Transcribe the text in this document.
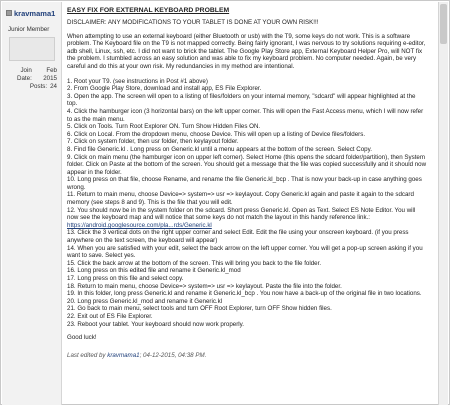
kravmama1
Junior Member
Join Date:
Feb 2015
Posts: 24
EASY FIX FOR EXTERNAL KEYBOARD PROBLEM

DISCLAIMER: ANY MODIFICATIONS TO YOUR TABLET IS DONE AT YOUR OWN RISK!!!

When attempting to use an external keyboard (either Bluetooth or usb) with the T9, some keys do not work. This is a software problem. The Keyboard file on the T9 is not mapped correctly. Being fairly ignorant, I was nervous to try solutions requiring e-editor, adb shell, Linux, ssh, etc. I did not want to brick the tablet. The Google Play Store app, External Keyboard Helper Pro, will NOT fix the problem. I stumbled across an easy solution and was able to fix my keyboard problem. No computer needed. Again, be very careful and do this at your own risk. My redundancies in my method are intentional.

1. Root your T9. (see instructions in Post #1 above)
2. From Google Play Store, download and install app, ES File Explorer.
3. Open the app. The screen will open to a listing of files/folders on your internal memory, "sdcard" will appear highlighted at the top.
4. Click the hamburger icon (3 horizontal bars) on the left upper corner. This will open the Fast Access menu, which I will now refer to as the main menu.
5. Click on Tools. Turn Root Explorer ON. Turn Show Hidden Files ON.
6. Click on Local. From the dropdown menu, choose Device. This will open up a listing of Device files/folders.
7. Click on system folder, then usr folder, then keylayout folder.
8. Find file Generic.kl . Long press on Generic.kl until a menu appears at the bottom of the screen. Select Copy.
9. Click on main menu (the hamburger icon on upper left corner). Select Home (this opens the sdcard folder/partition), then System folder. Click on Paste at the bottom of the screen. You should get a message that the file was copied successfully and it should now appear in the folder.
10. Long press on that file, choose Rename, and rename the file Generic.kl_bcp . That is now your back-up in case anything goes wrong.
11. Return to main menu, choose Device=> system=> usr => keylayout. Copy Generic.kl again and paste it again to the sdcard memory (see steps 8 and 9). This is the file that you will edit.
12. You should now be in the system folder on the sdcard. Short press Generic.kl. Open as Text. Select ES Note Editor. You will now see the keyboard map and will notice that some keys do not match the layout in this handy reference link.:
https://android.googlesource.com/pla...rds/Generic.kl
13. Click the 3 vertical dots on the right upper corner and select Edit. Edit the file using your onscreen keyboard. (if you press anywhere on the text screen, the keyboard will appear)
14. When you are satisfied with your edit, select the back arrow on the left upper corner. You will get a pop-up screen asking if you want to save. Select yes.
15. Click the back arrow at the bottom of the screen. This will bring you back to the file folder.
16. Long press on this edited file and rename it Generic.kl_mod
17. Long press on this file and select copy.
18. Return to main menu, choose Device=> system=> usr => keylayout. Paste the file into the folder.
19. In this folder, long press Generic.kl and rename it Generic.kl_bcp . You now have a back-up of the original file in two locations.
20. Long press Generic.kl_mod and rename it Generic.kl
21. Go back to main menu, select tools and turn OFF Root Explorer, turn OFF Show hidden files.
22. Exit out of ES File Explorer.
23. Reboot your tablet. Your keyboard should now work properly.

Good luck!

Last edited by kravmama1; 04-12-2015, 04:38 PM.
